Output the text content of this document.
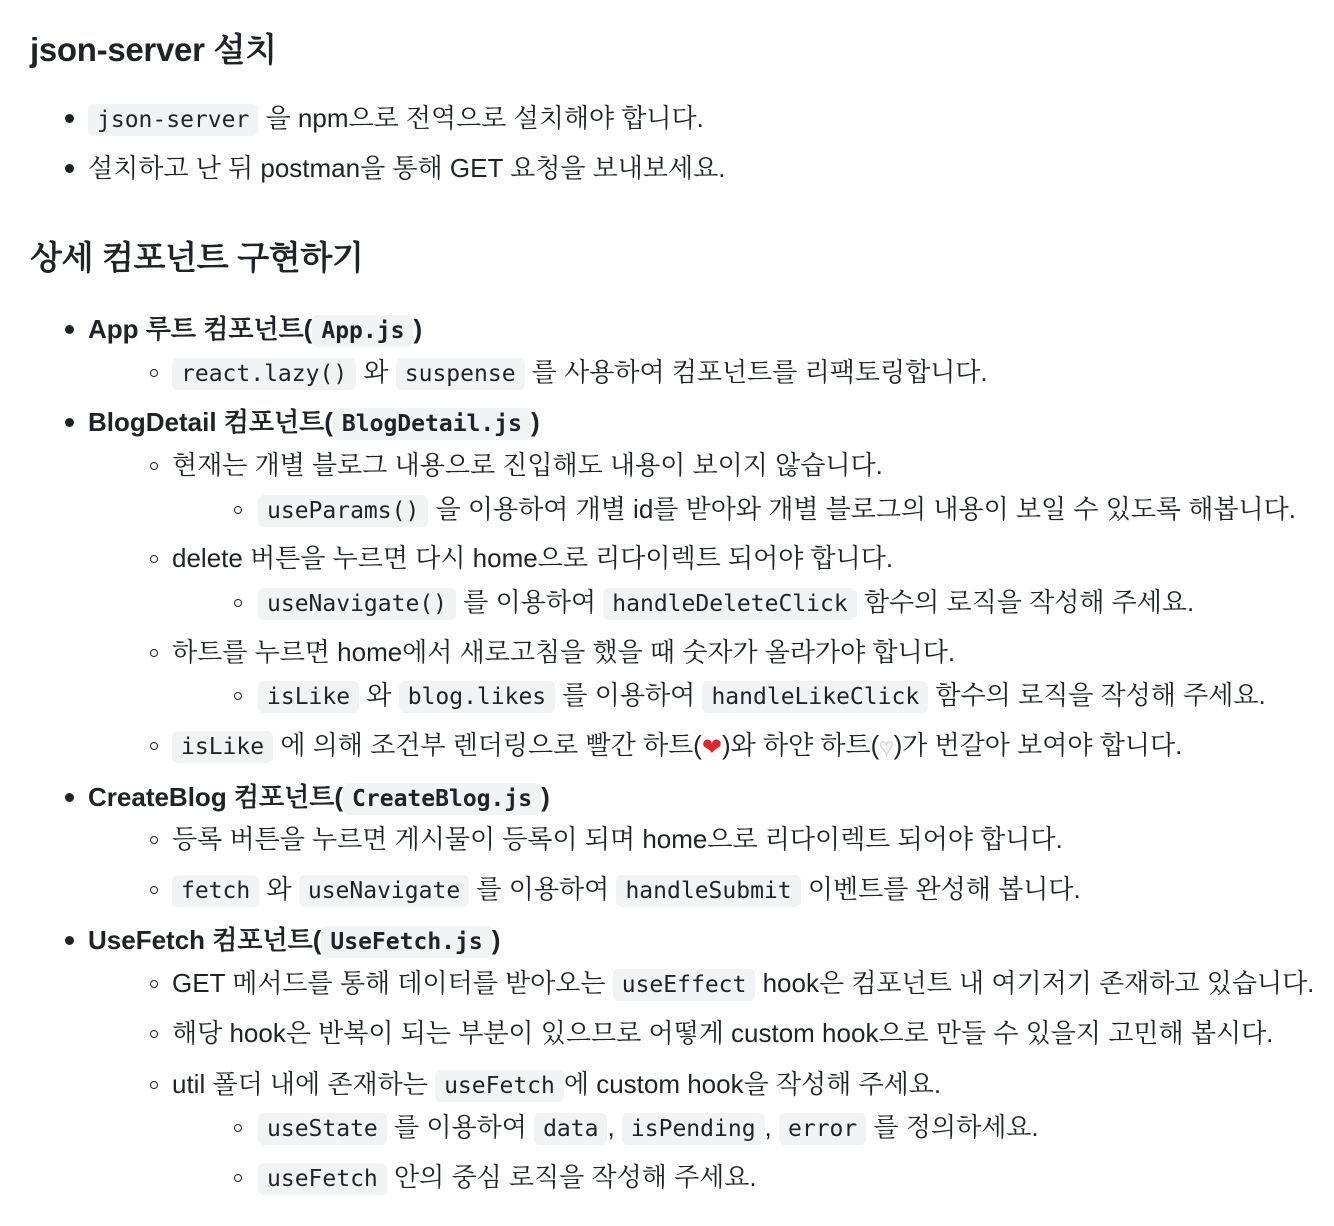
json-server 설치
json-server 을 npm으로 전역으로 설치해야 합니다.
설치하고 난 뒤 postman을 통해 GET 요청을 보내보세요.
상세 컴포넌트 구현하기
App 루트 컴포넌트( App.js )
react.lazy() 와 suspense 를 사용하여 컴포넌트를 리팩토링합니다.
BlogDetail 컴포넌트( BlogDetail.js )
현재는 개별 블로그 내용으로 진입해도 내용이 보이지 않습니다.
useParams() 을 이용하여 개별 id를 받아와 개별 블로그의 내용이 보일 수 있도록 해봅니다.
delete 버튼을 누르면 다시 home으로 리다이렉트 되어야 합니다.
useNavigate() 를 이용하여 handleDeleteClick 함수의 로직을 작성해 주세요.
하트를 누르면 home에서 새로고침을 했을 때 숫자가 올라가야 합니다.
isLike 와 blog.likes 를 이용하여 handleLikeClick 함수의 로직을 작성해 주세요.
isLike 에 의해 조건부 렌더링으로 빨간 하트(❤)와 하얀 하트(♥)가 번갈아 보여야 합니다.
CreateBlog 컴포넌트( CreateBlog.js )
등록 버튼을 누르면 게시물이 등록이 되며 home으로 리다이렉트 되어야 합니다.
fetch 와 useNavigate 를 이용하여 handleSubmit 이벤트를 완성해 봅니다.
UseFetch 컴포넌트( UseFetch.js )
GET 메서드를 통해 데이터를 받아오는 useEffect hook은 컴포넌트 내 여기저기 존재하고 있습니다.
해당 hook은 반복이 되는 부분이 있으므로 어떻게 custom hook으로 만들 수 있을지 고민해 봅시다.
util 폴더 내에 존재하는 useFetch 에 custom hook을 작성해 주세요.
useState 를 이용하여 data , isPending , error 를 정의하세요.
useFetch 안의 중심 로직을 작성해 주세요.
